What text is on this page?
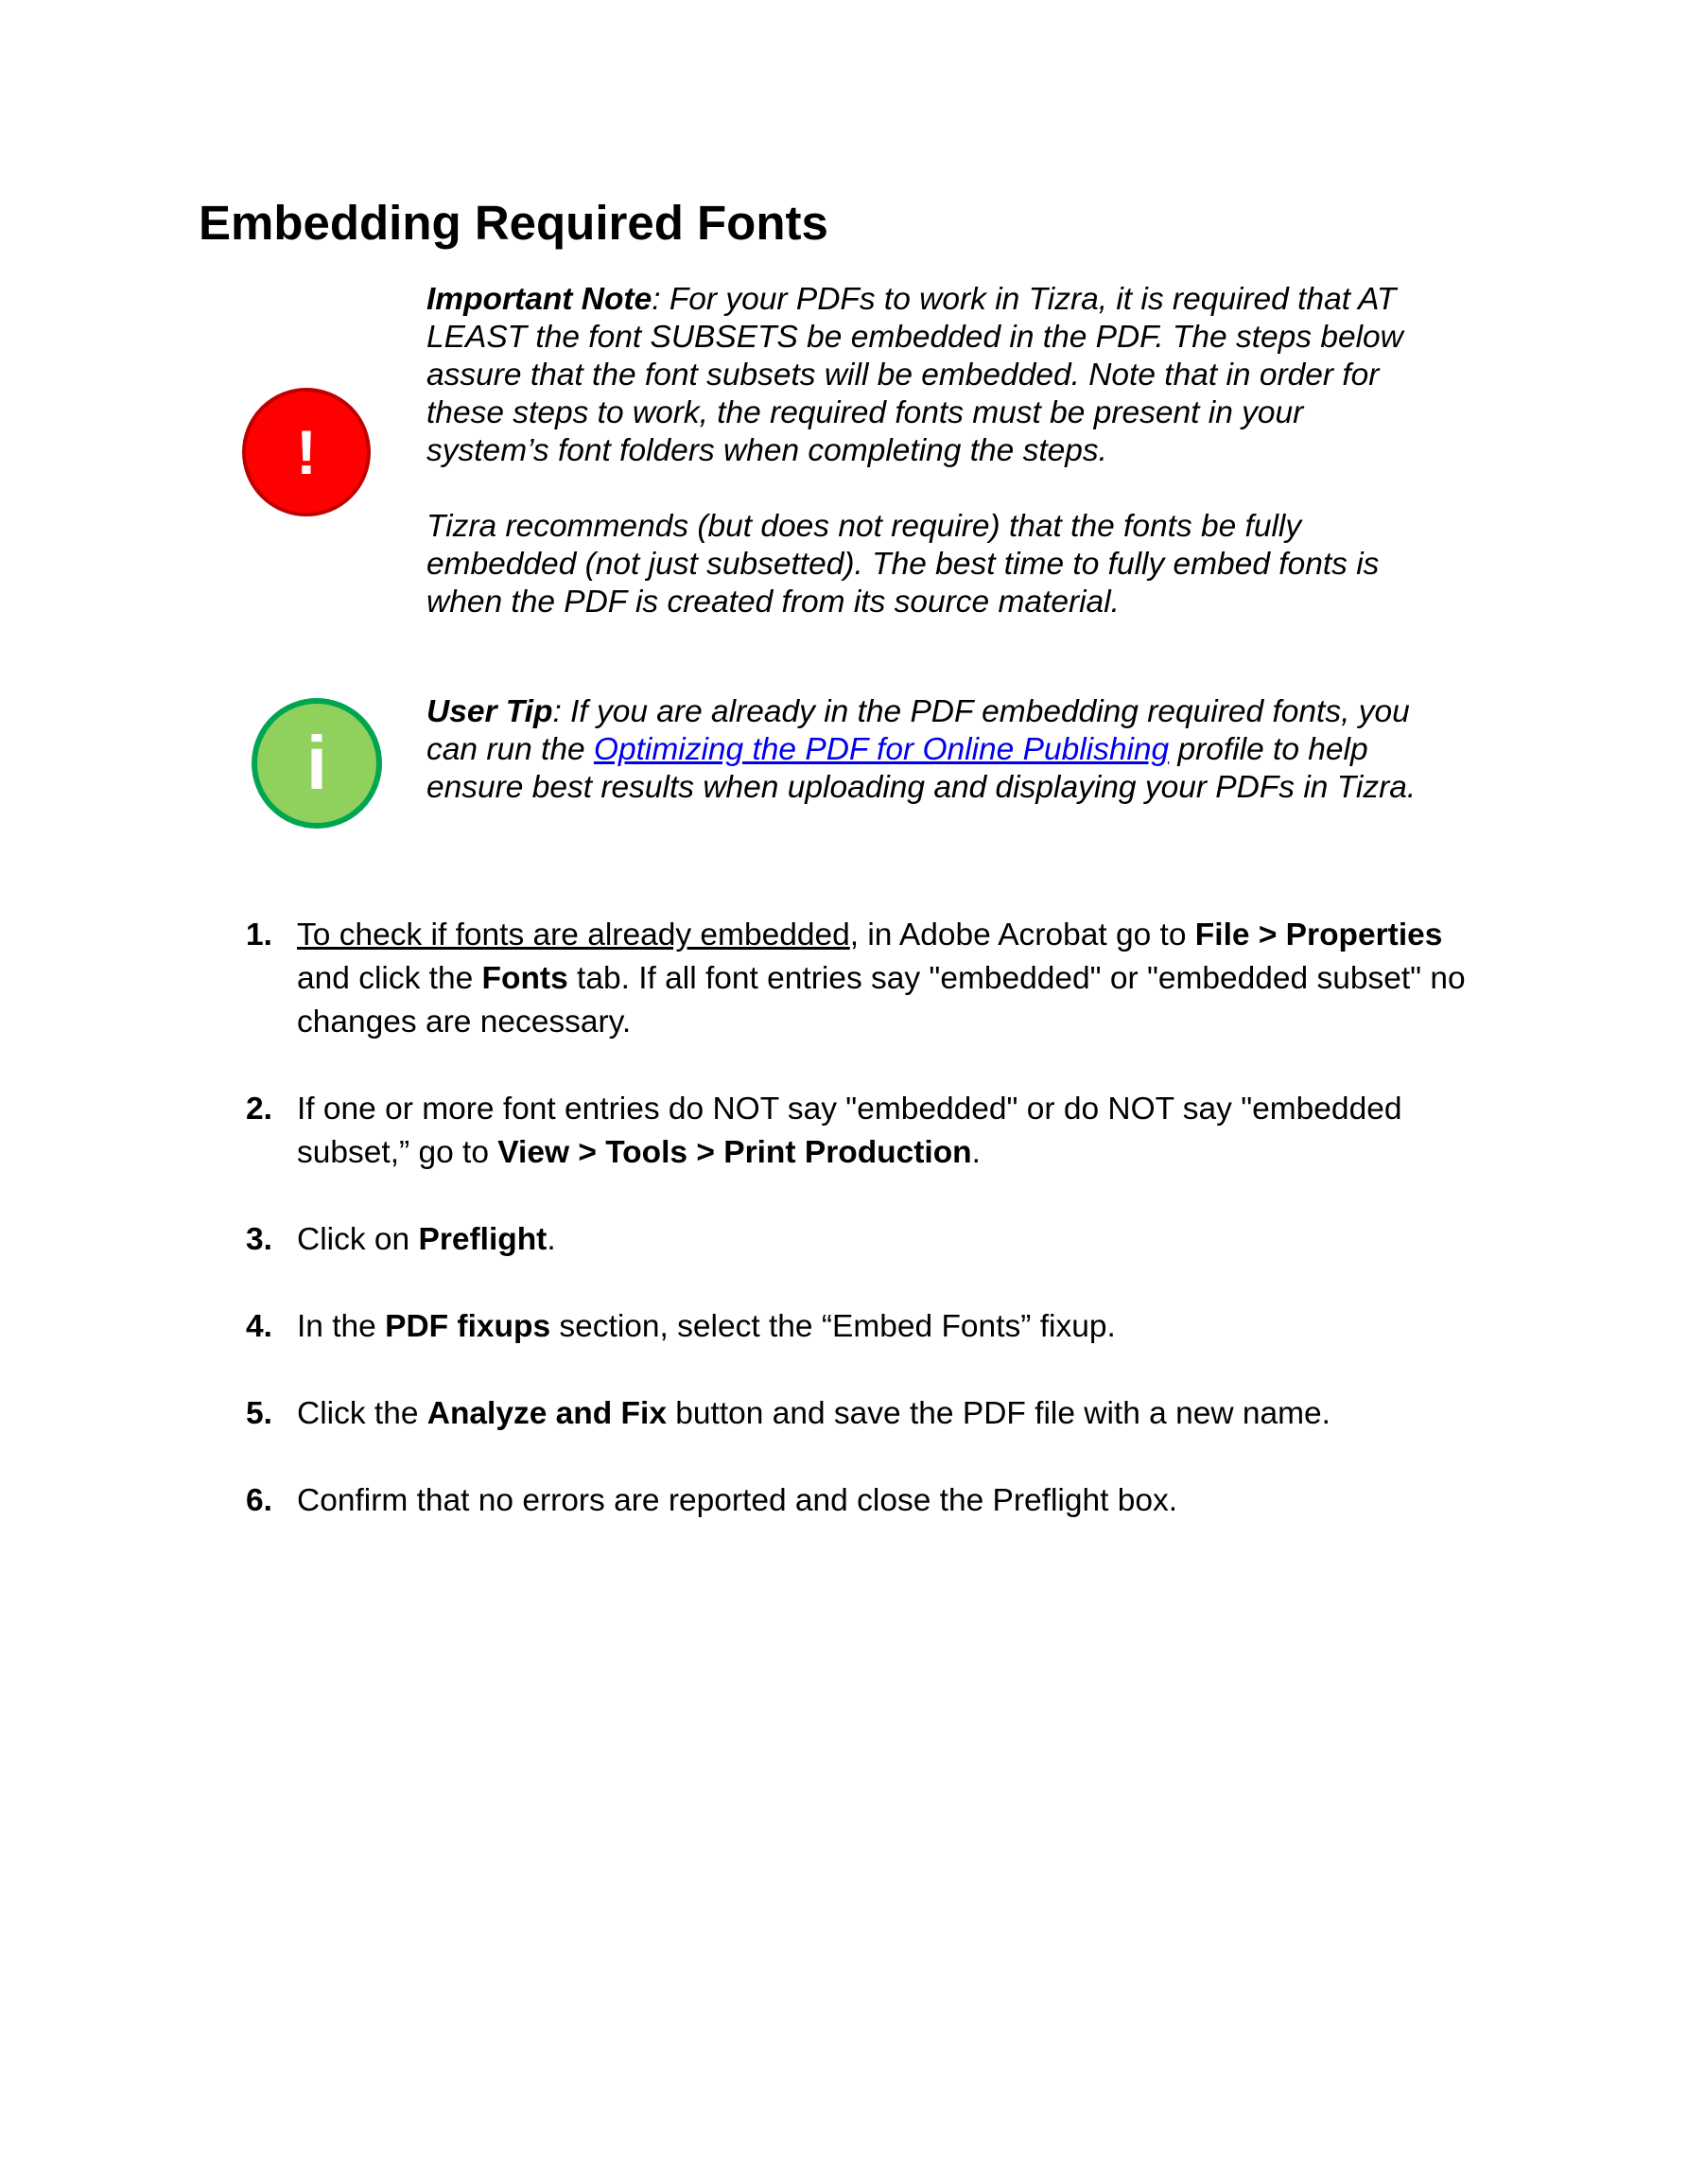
Embedding Required Fonts
!

Important Note: For your PDFs to work in Tizra, it is required that AT LEAST the font SUBSETS be embedded in the PDF. The steps below assure that the font subsets will be embedded. Note that in order for these steps to work, the required fonts must be present in your system’s font folders when completing the steps.

Tizra recommends (but does not require) that the fonts be fully embedded (not just subsetted). The best time to fully embed fonts is when the PDF is created from its source material.

i

User Tip: If you are already in the PDF embedding required fonts, you can run the Optimizing the PDF for Online Publishing profile to help ensure best results when uploading and displaying your PDFs in Tizra.

1. To check if fonts are already embedded, in Adobe Acrobat go to File > Properties and click the Fonts tab. If all font entries say "embedded" or "embedded subset" no changes are necessary.
2. If one or more font entries do NOT say "embedded" or do NOT say "embedded subset,” go to View > Tools > Print Production.
3. Click on Preflight.
4. In the PDF fixups section, select the “Embed Fonts” fixup.
5. Click the Analyze and Fix button and save the PDF file with a new name.
6. Confirm that no errors are reported and close the Preflight box.
